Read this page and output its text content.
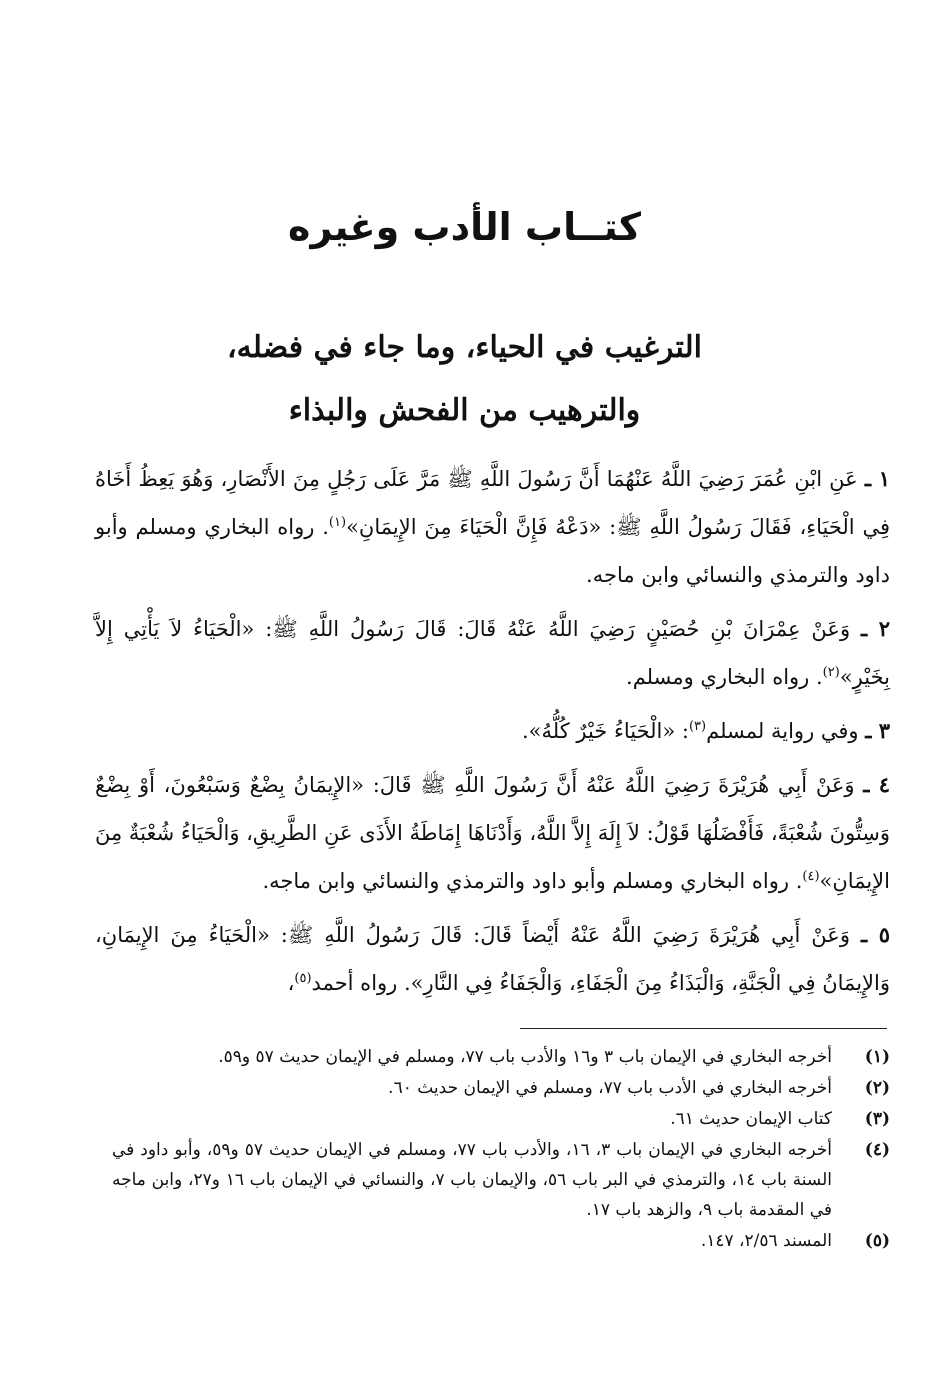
كتــاب الأدب وغيره
الترغيب في الحياء، وما جاء في فضله،
والترهيب من الفحش والبذاء

١ ـ عَنِ ابْنِ عُمَرَ رَضِيَ اللَّهُ عَنْهُمَا أَنَّ رَسُولَ اللَّهِ ﷺ مَرَّ عَلَى رَجُلٍ مِنَ الأَنْصَارِ، وَهُوَ يَعِظُ أَخَاهُ فِي الْحَيَاءِ، فَقَالَ رَسُولُ اللَّهِ ﷺ: «دَعْهُ فَإِنَّ الْحَيَاءَ مِنَ الإِيمَانِ»$^{(١)}$. رواه البخاري ومسلم وأبو داود والترمذي والنسائي وابن ماجه.

٢ ـ وَعَنْ عِمْرَانَ بْنِ حُصَيْنٍ رَضِيَ اللَّهُ عَنْهُ قَالَ: قَالَ رَسُولُ اللَّهِ ﷺ: «الْحَيَاءُ لاَ يَأْتِي إِلاَّ بِخَيْرٍ»$^{(٢)}$. رواه البخاري ومسلم.

٣ ـ وفي رواية لمسلم$^{(٣)}$: «الْحَيَاءُ خَيْرٌ كُلُّهُ».

٤ ـ وَعَنْ أَبِي هُرَيْرَةَ رَضِيَ اللَّهُ عَنْهُ أَنَّ رَسُولَ اللَّهِ ﷺ قَالَ: «الإِيمَانُ بِضْعٌ وَسَبْعُونَ، أَوْ بِضْعٌ وَسِتُّونَ شُعْبَةً، فَأَفْضَلُهَا قَوْلُ: لاَ إِلَهَ إِلاَّ اللَّهُ، وَأَدْنَاهَا إِمَاطَةُ الأَذَى عَنِ الطَّرِيقِ، وَالْحَيَاءُ شُعْبَةٌ مِنَ الإِيمَانِ»$^{(٤)}$. رواه البخاري ومسلم وأبو داود والترمذي والنسائي وابن ماجه.

٥ ـ وَعَنْ أَبِي هُرَيْرَةَ رَضِيَ اللَّهُ عَنْهُ أَيْضاً قَالَ: قَالَ رَسُولُ اللَّهِ ﷺ: «الْحَيَاءُ مِنَ الإِيمَانِ، وَالإِيمَانُ فِي الْجَنَّةِ، وَالْبَذَاءُ مِنَ الْجَفَاءِ، وَالْجَفَاءُ فِي النَّارِ». رواه أحمد$^{(٥)}$،

(١)
أخرجه البخاري في الإيمان باب ٣ و١٦ والأدب باب ٧٧، ومسلم في الإيمان حديث ٥٧ و٥٩.
(٢)
أخرجه البخاري في الأدب باب ٧٧، ومسلم في الإيمان حديث ٦٠.
(٣)
كتاب الإيمان حديث ٦١.
(٤)
أخرجه البخاري في الإيمان باب ٣، ١٦، والأدب باب ٧٧، ومسلم في الإيمان حديث ٥٧ و٥٩، وأبو داود في السنة باب ١٤، والترمذي في البر باب ٥٦، والإيمان باب ٧، والنسائي في الإيمان باب ١٦ و٢٧، وابن ماجه في المقدمة باب ٩، والزهد باب ١٧.
(٥)
المسند ٢/٥٦، ١٤٧.
